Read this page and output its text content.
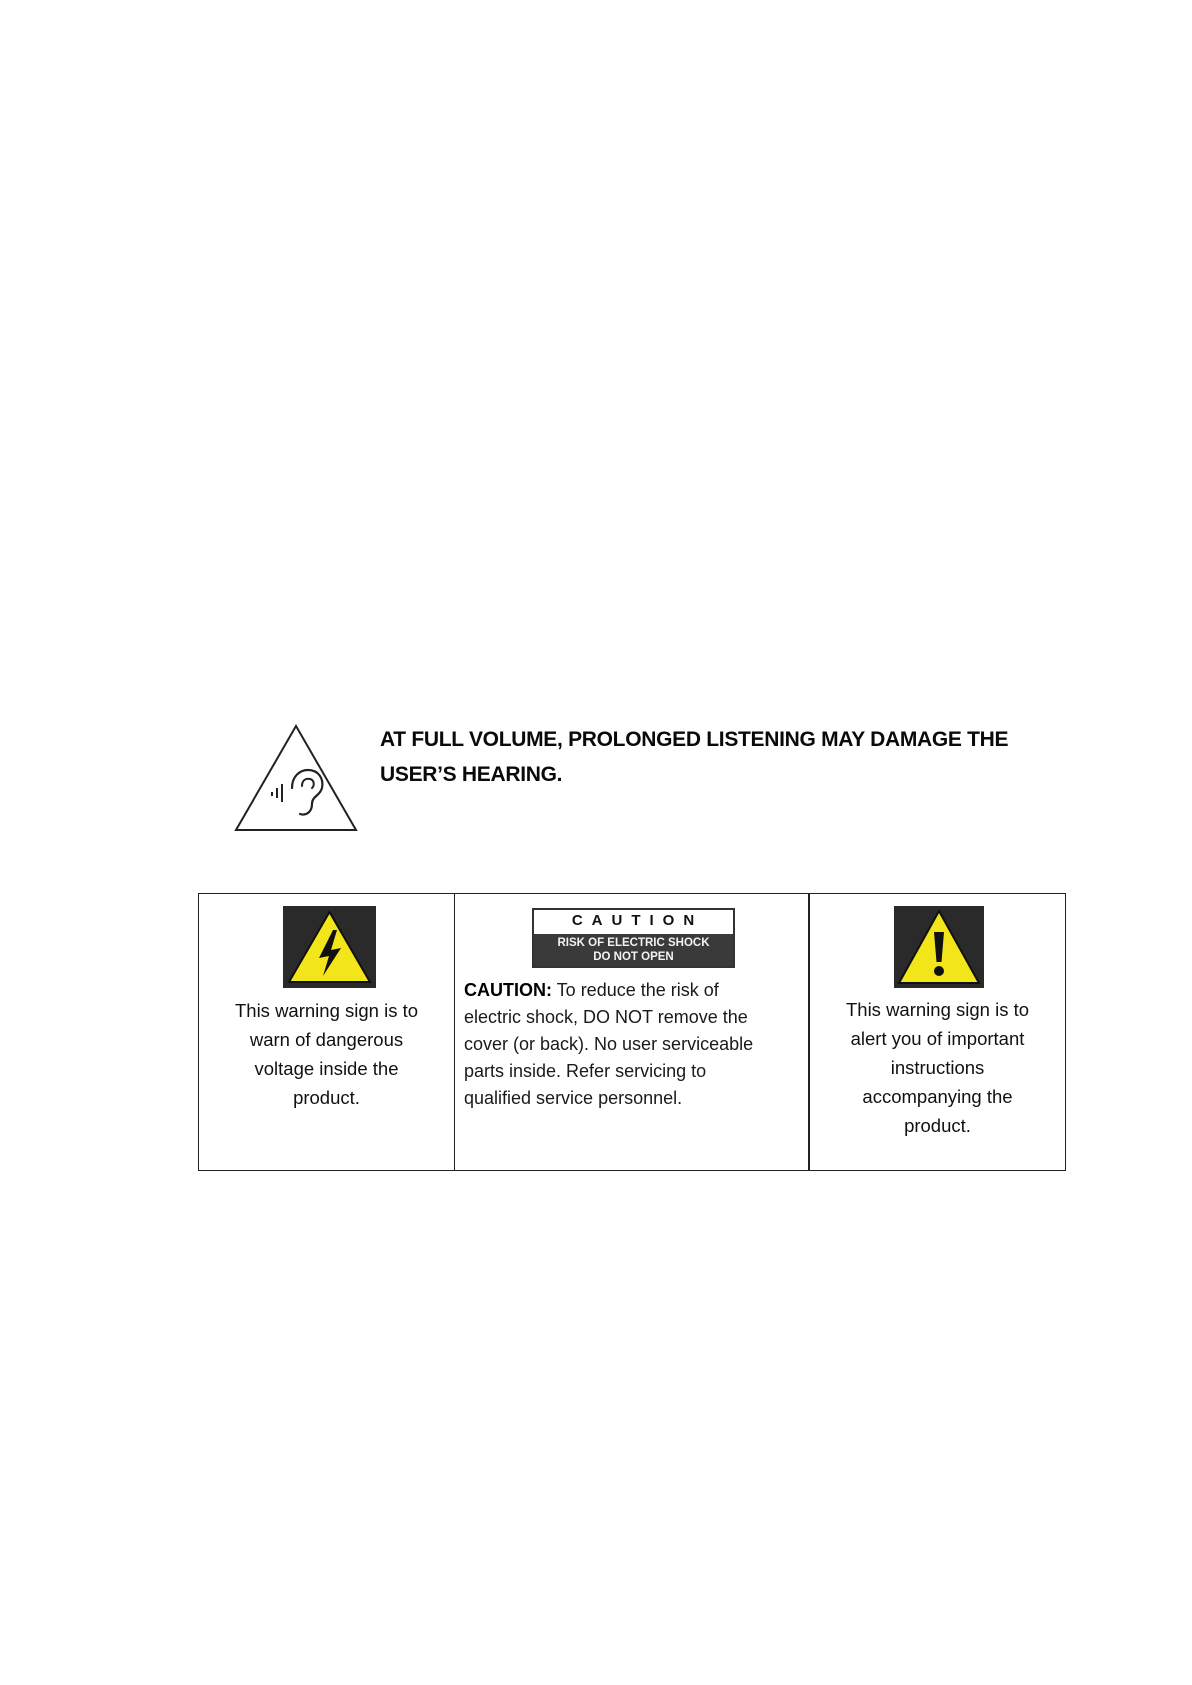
AT FULL VOLUME, PROLONGED LISTENING MAY DAMAGE THE
USER’S HEARING.
This warning sign is to
warn of dangerous
voltage inside the
product.
CAUTION
RISK OF ELECTRIC SHOCK
DO NOT OPEN
CAUTION: To reduce the risk of
electric shock, DO NOT remove the
cover (or back). No user serviceable
parts inside. Refer servicing to
qualified service personnel.
This warning sign is to
alert you of important
instructions
accompanying the
product.
